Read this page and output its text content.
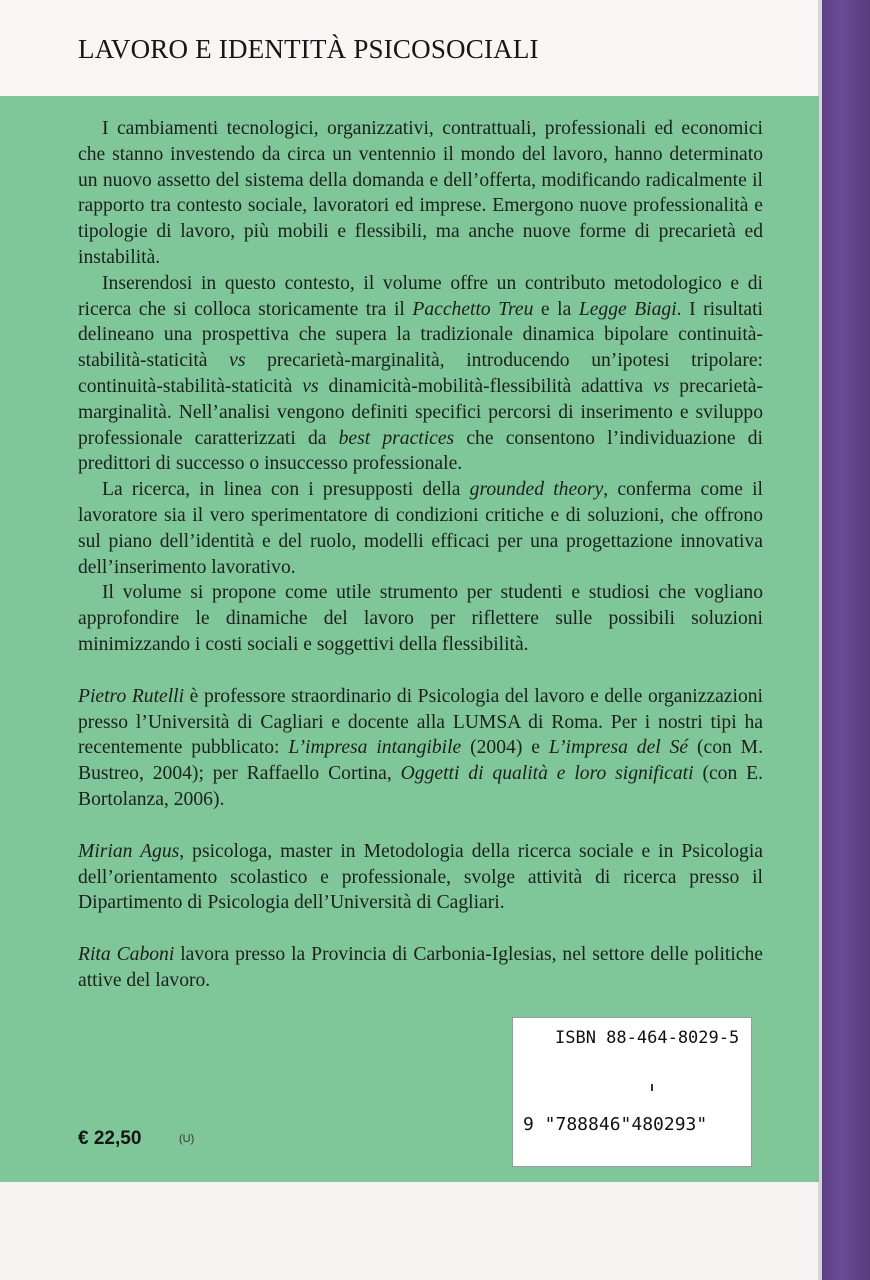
LAVORO E IDENTITÀ PSICOSOCIALI

I cambiamenti tecnologici, organizzativi, contrattuali, professionali ed economici che stanno investendo da circa un ventennio il mondo del lavoro, hanno determinato un nuovo assetto del sistema della domanda e dell’offerta, modificando radicalmente il rapporto tra contesto sociale, lavoratori ed imprese. Emergono nuove professionalità e tipologie di lavoro, più mobili e flessibili, ma anche nuove forme di precarietà ed instabilità.

Inserendosi in questo contesto, il volume offre un contributo metodologico e di ricerca che si colloca storicamente tra il Pacchetto Treu e la Legge Biagi. I risultati delineano una prospettiva che supera la tradizionale dinamica bipolare continuità-stabilità-staticità vs precarietà-marginalità, introducendo un’ipotesi tripolare: continuità-stabilità-staticità vs dinamicità-mobilità-flessibilità adattiva vs precarietà-marginalità. Nell’analisi vengono definiti specifici percorsi di inserimento e sviluppo professionale caratterizzati da best practices che consentono l’individuazione di predittori di successo o insuccesso professionale.

La ricerca, in linea con i presupposti della grounded theory, conferma come il lavoratore sia il vero sperimentatore di condizioni critiche e di soluzioni, che offrono sul piano dell’identità e del ruolo, modelli efficaci per una progettazione innovativa dell’inserimento lavorativo.

Il volume si propone come utile strumento per studenti e studiosi che vogliano approfondire le dinamiche del lavoro per riflettere sulle possibili soluzioni minimizzando i costi sociali e soggettivi della flessibilità.

Pietro Rutelli è professore straordinario di Psicologia del lavoro e delle organizzazioni presso l’Università di Cagliari e docente alla LUMSA di Roma. Per i nostri tipi ha recentemente pubblicato: L’impresa intangibile (2004) e L’impresa del Sé (con M. Bustreo, 2004); per Raffaello Cortina, Oggetti di qualità e loro significati (con E. Bortolanza, 2006).

Mirian Agus, psicologa, master in Metodologia della ricerca sociale e in Psicologia dell’orientamento scolastico e professionale, svolge attività di ricerca presso il Dipartimento di Psicologia dell’Università di Cagliari.

Rita Caboni lavora presso la Provincia di Carbonia-Iglesias, nel settore delle politiche attive del lavoro.

ISBN 88-464-8029-5
9 "788846"480293"
€ 22,50	(U)
